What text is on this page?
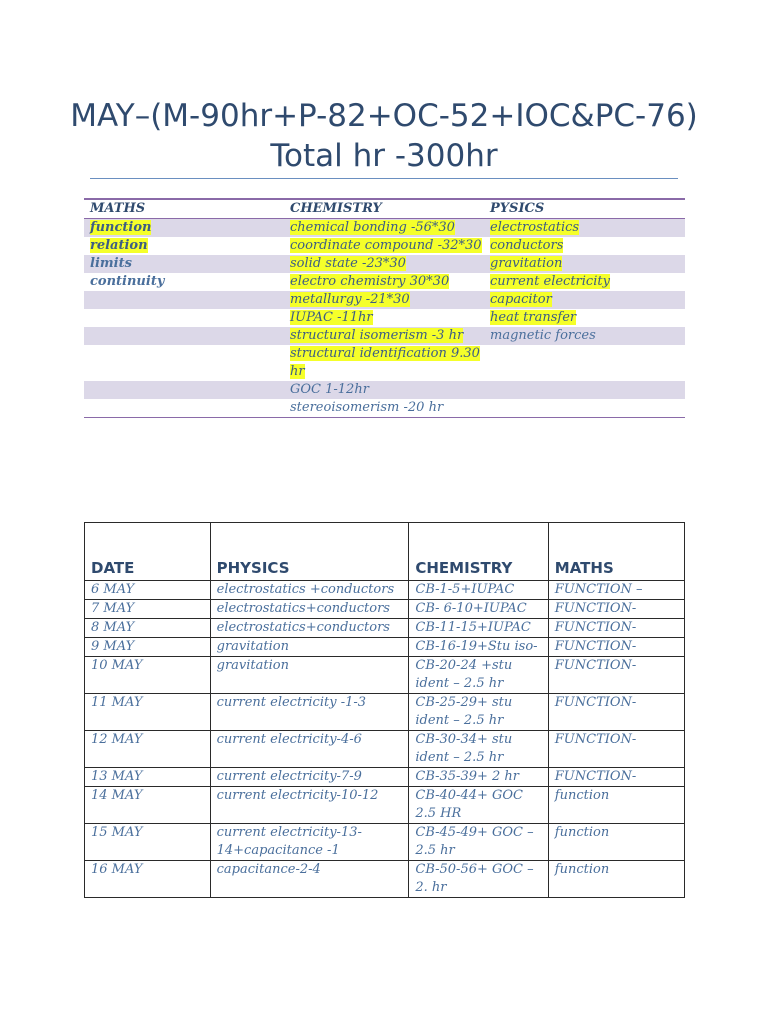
MAY–(M-90hr+P-82+OC-52+IOC&PC-76)
Total hr -300hr
MATHS	CHEMISTRY	PYSICS
function	chemical bonding -56*30	electrostatics
relation	coordinate compound -32*30	conductors
limits	solid state -23*30	gravitation
continuity	electro chemistry 30*30	current electricity
	metallurgy -21*30	capacitor
	IUPAC -11hr	heat transfer
	structural isomerism -3 hr	magnetic forces
	structural identification 9.30 hr	
	GOC 1-12hr	
	stereoisomerism -20 hr	
DATE	PHYSICS	CHEMISTRY	MATHS
6 MAY	electrostatics +conductors	CB-1-5+IUPAC	FUNCTION –
7 MAY	electrostatics+conductors	CB- 6-10+IUPAC	FUNCTION-
8 MAY	electrostatics+conductors	CB-11-15+IUPAC	FUNCTION-
9 MAY	gravitation	CB-16-19+Stu iso-	FUNCTION-
10 MAY	gravitation	CB-20-24 +stu ident – 2.5 hr	FUNCTION-
11 MAY	current electricity -1-3	CB-25-29+ stu ident – 2.5 hr	FUNCTION-
12 MAY	current electricity-4-6	CB-30-34+ stu ident – 2.5 hr	FUNCTION-
13 MAY	current electricity-7-9	CB-35-39+ 2 hr	FUNCTION-
14 MAY	current electricity-10-12	CB-40-44+ GOC 2.5 HR	function
15 MAY	current electricity-13-14+capacitance -1	CB-45-49+ GOC – 2.5 hr	function
16 MAY	capacitance-2-4	CB-50-56+ GOC – 2. hr	function
